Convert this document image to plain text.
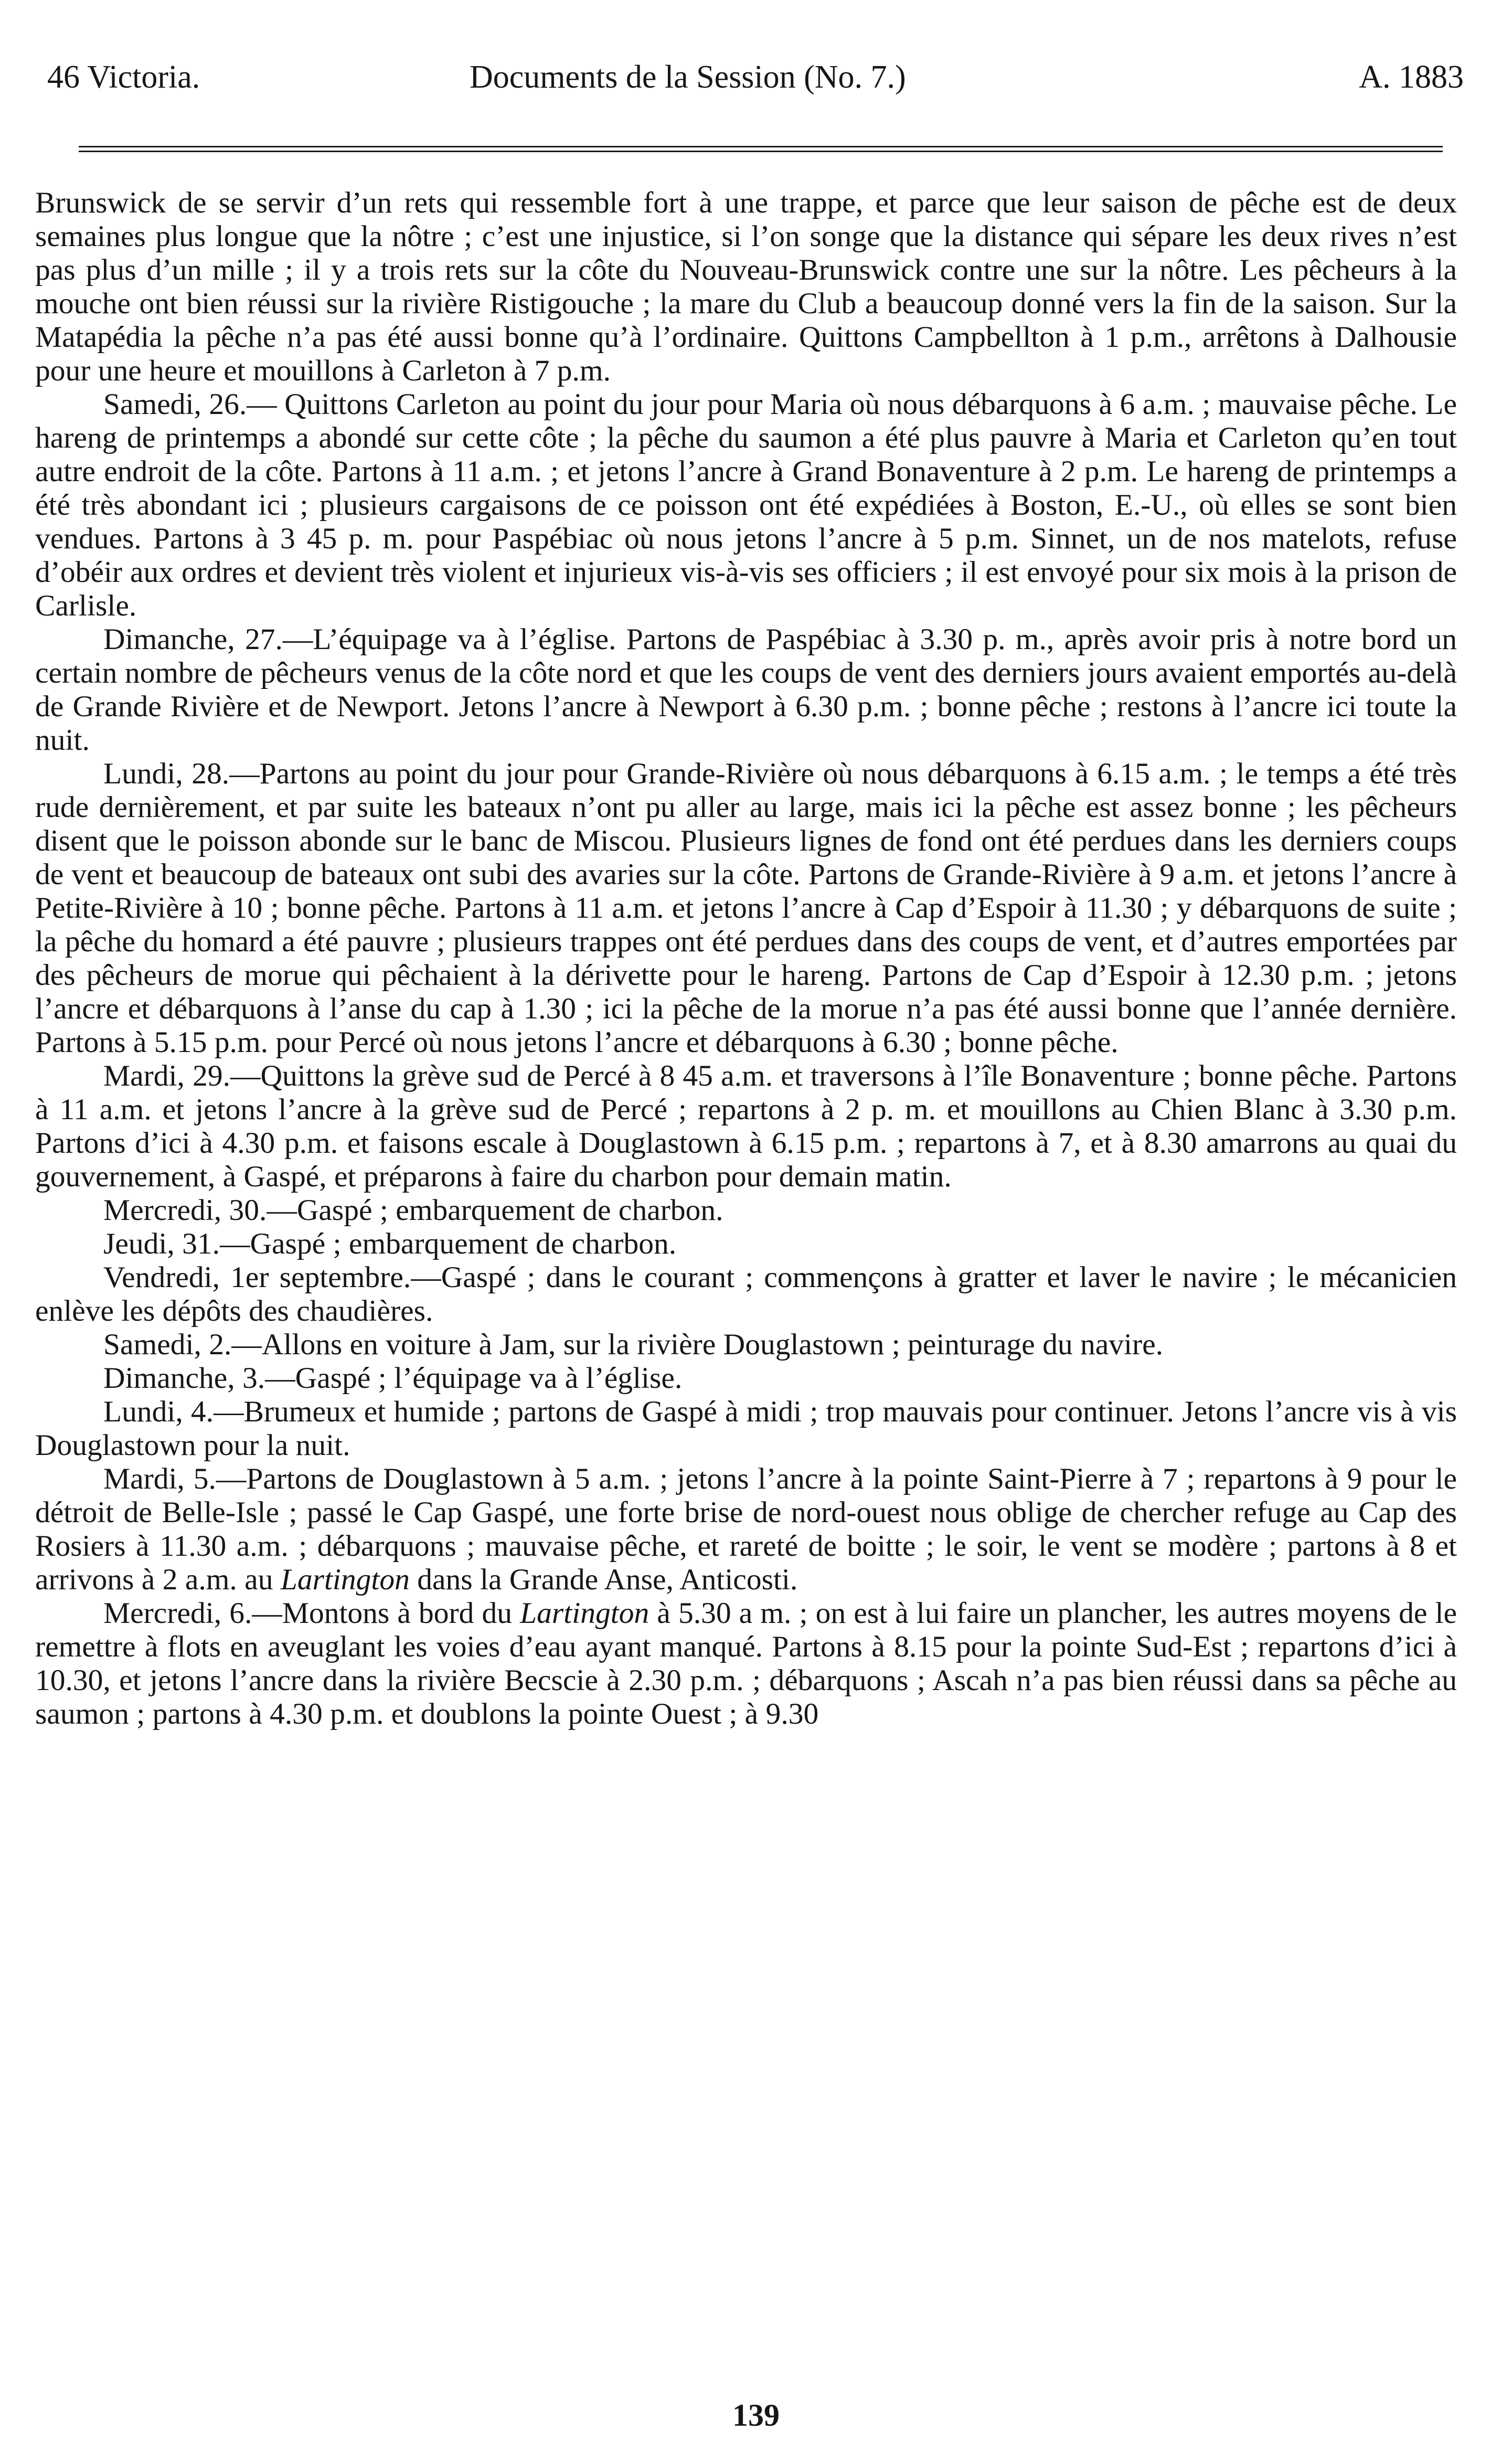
46 Victoria.	Documents de la Session (No. 7.)	A. 1883

Brunswick de se servir d’un rets qui ressemble fort à une trappe, et parce que leur saison de pêche est de deux semaines plus longue que la nôtre ; c’est une injustice, si l’on songe que la distance qui sépare les deux rives n’est pas plus d’un mille ; il y a trois rets sur la côte du Nouveau-Brunswick contre une sur la nôtre. Les pêcheurs à la mouche ont bien réussi sur la rivière Ristigouche ; la mare du Club a beaucoup donné vers la fin de la saison. Sur la Matapédia la pêche n’a pas été aussi bonne qu’à l’ordinaire. Quittons Campbellton à 1 p.m., arrêtons à Dalhousie pour une heure et mouillons à Carleton à 7 p.m.

Samedi, 26.— Quittons Carleton au point du jour pour Maria où nous débarquons à 6 a.m. ; mauvaise pêche. Le hareng de printemps a abondé sur cette côte ; la pêche du saumon a été plus pauvre à Maria et Carleton qu’en tout autre endroit de la côte. Partons à 11 a.m. ; et jetons l’ancre à Grand Bonaventure à 2 p.m. Le hareng de printemps a été très abondant ici ; plusieurs cargaisons de ce poisson ont été expédiées à Boston, E.-U., où elles se sont bien vendues. Partons à 3 45 p. m. pour Paspébiac où nous jetons l’ancre à 5 p.m. Sinnet, un de nos matelots, refuse d’obéir aux ordres et devient très violent et injurieux vis-à-vis ses officiers ; il est envoyé pour six mois à la prison de Carlisle.

Dimanche, 27.—L’équipage va à l’église. Partons de Paspébiac à 3.30 p. m., après avoir pris à notre bord un certain nombre de pêcheurs venus de la côte nord et que les coups de vent des derniers jours avaient emportés au-delà de Grande Rivière et de Newport. Jetons l’ancre à Newport à 6.30 p.m. ; bonne pêche ; restons à l’ancre ici toute la nuit.

Lundi, 28.—Partons au point du jour pour Grande-Rivière où nous débarquons à 6.15 a.m. ; le temps a été très rude dernièrement, et par suite les bateaux n’ont pu aller au large, mais ici la pêche est assez bonne ; les pêcheurs disent que le poisson abonde sur le banc de Miscou. Plusieurs lignes de fond ont été perdues dans les derniers coups de vent et beaucoup de bateaux ont subi des avaries sur la côte. Partons de Grande-Rivière à 9 a.m. et jetons l’ancre à Petite-Rivière à 10 ; bonne pêche. Partons à 11 a.m. et jetons l’ancre à Cap d’Espoir à 11.30 ; y débarquons de suite ; la pêche du homard a été pauvre ; plusieurs trappes ont été perdues dans des coups de vent, et d’autres emportées par des pêcheurs de morue qui pêchaient à la dérivette pour le hareng. Partons de Cap d’Espoir à 12.30 p.m. ; jetons l’ancre et débarquons à l’anse du cap à 1.30 ; ici la pêche de la morue n’a pas été aussi bonne que l’année dernière. Partons à 5.15 p.m. pour Percé où nous jetons l’ancre et débarquons à 6.30 ; bonne pêche.

Mardi, 29.—Quittons la grève sud de Percé à 8 45 a.m. et traversons à l’île Bonaventure ; bonne pêche. Partons à 11 a.m. et jetons l’ancre à la grève sud de Percé ; repartons à 2 p. m. et mouillons au Chien Blanc à 3.30 p.m. Partons d’ici à 4.30 p.m. et faisons escale à Douglastown à 6.15 p.m. ; repartons à 7, et à 8.30 amarrons au quai du gouvernement, à Gaspé, et préparons à faire du charbon pour demain matin.

Mercredi, 30.—Gaspé ; embarquement de charbon.

Jeudi, 31.—Gaspé ; embarquement de charbon.

Vendredi, 1er septembre.—Gaspé ; dans le courant ; commençons à gratter et laver le navire ; le mécanicien enlève les dépôts des chaudières.

Samedi, 2.—Allons en voiture à Jam, sur la rivière Douglastown ; peinturage du navire.

Dimanche, 3.—Gaspé ; l’équipage va à l’église.

Lundi, 4.—Brumeux et humide ; partons de Gaspé à midi ; trop mauvais pour continuer. Jetons l’ancre vis à vis Douglastown pour la nuit.

Mardi, 5.—Partons de Douglastown à 5 a.m. ; jetons l’ancre à la pointe Saint-Pierre à 7 ; repartons à 9 pour le détroit de Belle-Isle ; passé le Cap Gaspé, une forte brise de nord-ouest nous oblige de chercher refuge au Cap des Rosiers à 11.30 a.m. ; débarquons ; mauvaise pêche, et rareté de boitte ; le soir, le vent se modère ; partons à 8 et arrivons à 2 a.m. au Lartington dans la Grande Anse, Anticosti.

Mercredi, 6.—Montons à bord du Lartington à 5.30 a m. ; on est à lui faire un plancher, les autres moyens de le remettre à flots en aveuglant les voies d’eau ayant manqué. Partons à 8.15 pour la pointe Sud-Est ; repartons d’ici à 10.30, et jetons l’ancre dans la rivière Becscie à 2.30 p.m. ; débarquons ; Ascah n’a pas bien réussi dans sa pêche au saumon ; partons à 4.30 p.m. et doublons la pointe Ouest ; à 9.30

139
